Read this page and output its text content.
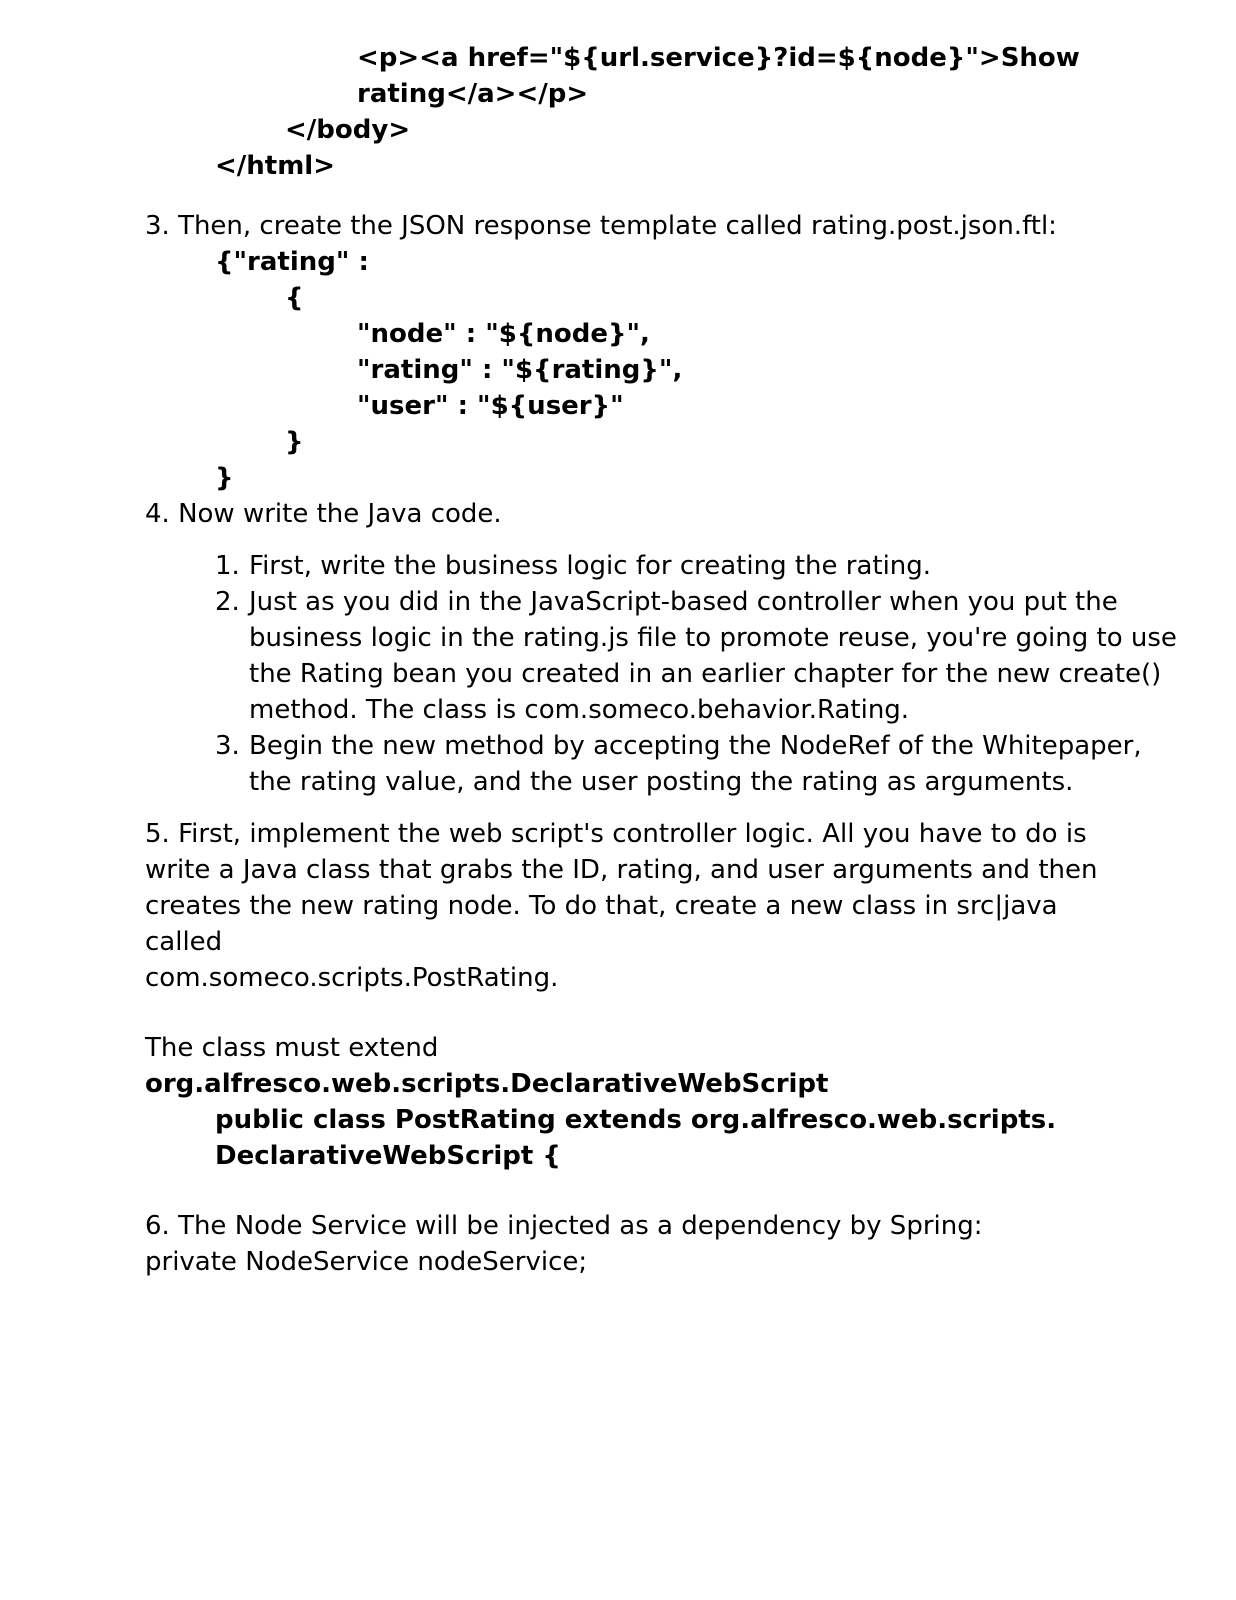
<p><a href="${url.service}?id=${node}">Show
rating</a></p>
</body>
</html>
3. Then, create the JSON response template called rating.post.json.ftl:
{"rating" :
{
"node" : "${node}",
"rating" : "${rating}",
"user" : "${user}"
}
}
4. Now write the Java code.
1. First, write the business logic for creating the rating.
2. Just as you did in the JavaScript-based controller when you put the business logic in the rating.js file to promote reuse, you're going to use the Rating bean you created in an earlier chapter for the new create() method. The class is com.someco.behavior.Rating.
3. Begin the new method by accepting the NodeRef of the Whitepaper, the rating value, and the user posting the rating as arguments.
5. First, implement the web script's controller logic. All you have to do is
write a Java class that grabs the ID, rating, and user arguments and then
creates the new rating node. To do that, create a new class in src|java
called
com.someco.scripts.PostRating.
The class must extend
org.alfresco.web.scripts.DeclarativeWebScript
public class PostRating extends org.alfresco.web.scripts.
DeclarativeWebScript {
6. The Node Service will be injected as a dependency by Spring:
private NodeService nodeService;
